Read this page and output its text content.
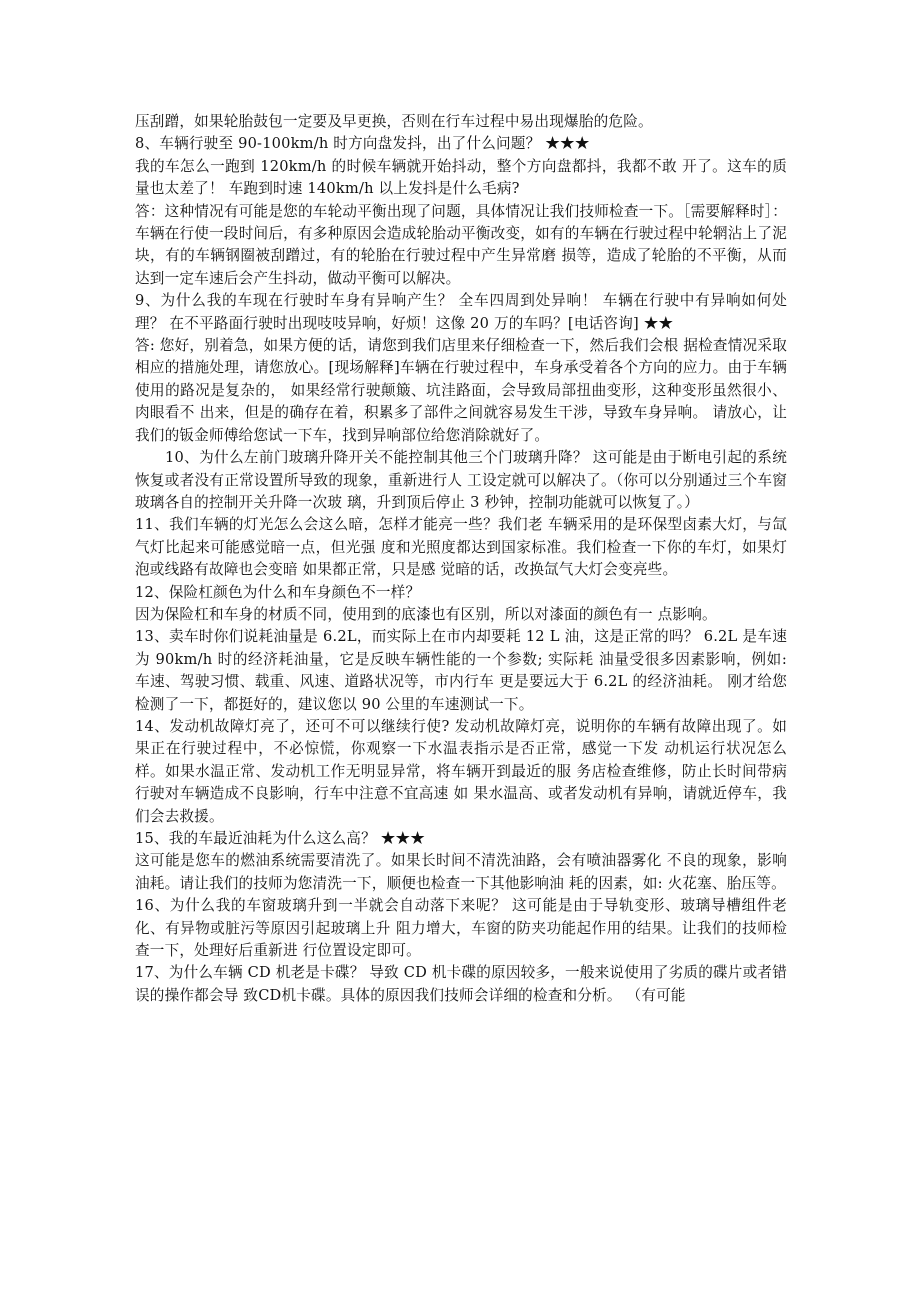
压刮蹭，如果轮胎鼓包一定要及早更换，否则在行车过程中易出现爆胎的危险。

8、车辆行驶至 90-100km/h 时方向盘发抖，出了什么问题？ ★★★

我的车怎么一跑到 120km/h 的时候车辆就开始抖动，整个方向盘都抖，我都不敢 开了。这车的质量也太差了！ 车跑到时速 140km/h 以上发抖是什么毛病?

答：这种情况有可能是您的车轮动平衡出现了问题，具体情况让我们技师检查一下。［需要解释时］： 车辆在行使一段时间后，有多种原因会造成轮胎动平衡改变，如有的车辆在行驶过程中轮辋沾上了泥块，有的车辆钢圈被刮蹭过，有的轮胎在行驶过程中产生异常磨 损等，造成了轮胎的不平衡，从而达到一定车速后会产生抖动，做动平衡可以解决。

9、为什么我的车现在行驶时车身有异响产生？ 全车四周到处异响！ 车辆在行驶中有异响如何处理？ 在不平路面行驶时出现吱吱异响，好烦！这像 20 万的车吗？[电话咨询] ★★

答: 您好，别着急，如果方便的话，请您到我们店里来仔细检查一下，然后我们会根 据检查情况采取相应的措施处理，请您放心。[现场解释]车辆在行驶过程中，车身承受着各个方向的应力。由于车辆使用的路况是复杂的， 如果经常行驶颠簸、坑洼路面，会导致局部扭曲变形，这种变形虽然很小、肉眼看不 出来，但是的确存在着，积累多了部件之间就容易发生干涉，导致车身异响。 请放心，让我们的钣金师傅给您试一下车，找到异响部位给您消除就好了。

10、为什么左前门玻璃升降开关不能控制其他三个门玻璃升降？ 这可能是由于断电引起的系统恢复或者没有正常设置所导致的现象，重新进行人 工设定就可以解决了。（你可以分别通过三个车窗玻璃各自的控制开关升降一次玻 璃，升到顶后停止 3 秒钟，控制功能就可以恢复了。）

11、我们车辆的灯光怎么会这么暗，怎样才能亮一些？我们老 车辆采用的是环保型卤素大灯，与氙气灯比起来可能感觉暗一点，但光强 度和光照度都达到国家标准。我们检查一下你的车灯，如果灯泡或线路有故障也会变暗 如果都正常，只是感 觉暗的话，改换氙气大灯会变亮些。

12、保险杠颜色为什么和车身颜色不一样？

因为保险杠和车身的材质不同，使用到的底漆也有区别，所以对漆面的颜色有一 点影响。

13、卖车时你们说耗油量是 6.2L，而实际上在市内却要耗 12 L 油，这是正常的吗？ 6.2L 是车速为 90km/h 时的经济耗油量，它是反映车辆性能的一个参数; 实际耗 油量受很多因素影响，例如: 车速、驾驶习惯、载重、风速、道路状况等，市内行车 更是要远大于 6.2L 的经济油耗。 刚才给您检测了一下，都挺好的，建议您以 90 公里的车速测试一下。

14、发动机故障灯亮了，还可不可以继续行使? 发动机故障灯亮，说明你的车辆有故障出现了。如果正在行驶过程中，不必惊慌，你观察一下水温表指示是否正常，感觉一下发 动机运行状况怎么样。如果水温正常、发动机工作无明显异常，将车辆开到最近的服 务店检查维修，防止长时间带病行驶对车辆造成不良影响，行车中注意不宜高速 如 果水温高、或者发动机有异响，请就近停车，我们会去救援。

15、我的车最近油耗为什么这么高？ ★★★

这可能是您车的燃油系统需要清洗了。如果长时间不清洗油路，会有喷油器雾化 不良的现象，影响油耗。请让我们的技师为您清洗一下，顺便也检查一下其他影响油 耗的因素，如: 火花塞、胎压等。

16、为什么我的车窗玻璃升到一半就会自动落下来呢？ 这可能是由于导轨变形、玻璃导槽组件老化、有异物或脏污等原因引起玻璃上升 阻力增大，车窗的防夹功能起作用的结果。让我们的技师检查一下，处理好后重新进 行位置设定即可。

17、为什么车辆 CD 机老是卡碟？ 导致 CD 机卡碟的原因较多，一般来说使用了劣质的碟片或者错误的操作都会导 致CD机卡碟。具体的原因我们技师会详细的检查和分析。 （有可能
